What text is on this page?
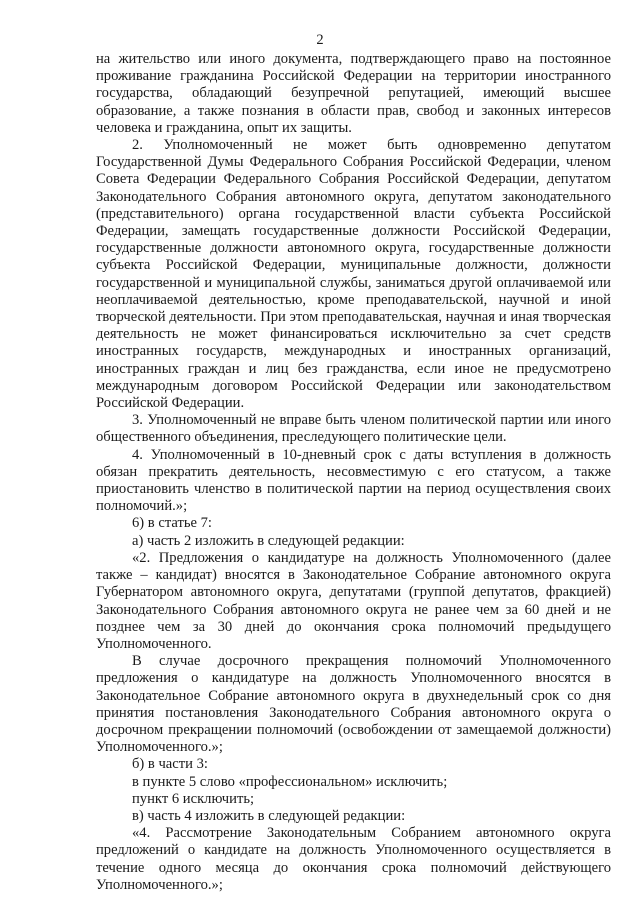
2

на жительство или иного документа, подтверждающего право на постоянное проживание гражданина Российской Федерации на территории иностранного государства, обладающий безупречной репутацией, имеющий высшее образование, а также познания в области прав, свобод и законных интересов человека и гражданина, опыт их защиты.

2. Уполномоченный не может быть одновременно депутатом Государственной Думы Федерального Собрания Российской Федерации, членом Совета Федерации Федерального Собрания Российской Федерации, депутатом Законодательного Собрания автономного округа, депутатом законодательного (представительного) органа государственной власти субъекта Российской Федерации, замещать государственные должности Российской Федерации, государственные должности автономного округа, государственные должности субъекта Российской Федерации, муниципальные должности, должности государственной и муниципальной службы, заниматься другой оплачиваемой или неоплачиваемой деятельностью, кроме преподавательской, научной и иной творческой деятельности. При этом преподавательская, научная и иная творческая деятельность не может финансироваться исключительно за счет средств иностранных государств, международных и иностранных организаций, иностранных граждан и лиц без гражданства, если иное не предусмотрено международным договором Российской Федерации или законодательством Российской Федерации.

3. Уполномоченный не вправе быть членом политической партии или иного общественного объединения, преследующего политические цели.

4. Уполномоченный в 10-дневный срок с даты вступления в должность обязан прекратить деятельность, несовместимую с его статусом, а также приостановить членство в политической партии на период осуществления своих полномочий.»;

6) в статье 7:

а) часть 2 изложить в следующей редакции:

«2. Предложения о кандидатуре на должность Уполномоченного (далее также – кандидат) вносятся в Законодательное Собрание автономного округа Губернатором автономного округа, депутатами (группой депутатов, фракцией) Законодательного Собрания автономного округа не ранее чем за 60 дней и не позднее чем за 30 дней до окончания срока полномочий предыдущего Уполномоченного.

В случае досрочного прекращения полномочий Уполномоченного предложения о кандидатуре на должность Уполномоченного вносятся в Законодательное Собрание автономного округа в двухнедельный срок со дня принятия постановления Законодательного Собрания автономного округа о досрочном прекращении полномочий (освобождении от замещаемой должности) Уполномоченного.»;

б) в части 3:

в пункте 5 слово «профессиональном» исключить;

пункт 6 исключить;

в) часть 4 изложить в следующей редакции:

«4. Рассмотрение Законодательным Собранием автономного округа предложений о кандидате на должность Уполномоченного осуществляется в течение одного месяца до окончания срока полномочий действующего Уполномоченного.»;
